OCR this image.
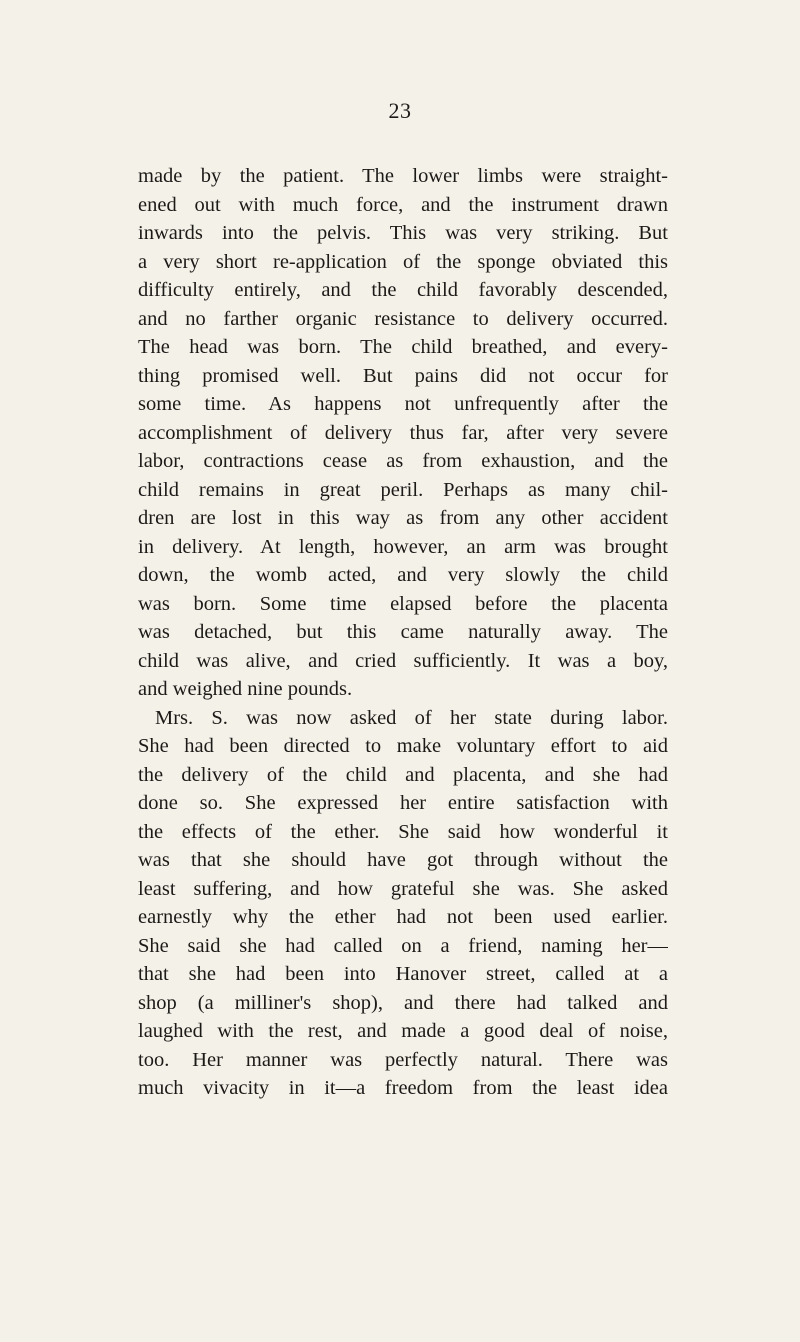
23
made by the patient. The lower limbs were straight-
ened out with much force, and the instrument drawn
inwards into the pelvis. This was very striking. But
a very short re-application of the sponge obviated this
difficulty entirely, and the child favorably descended,
and no farther organic resistance to delivery occurred.
The head was born. The child breathed, and every-
thing promised well. But pains did not occur for
some time. As happens not unfrequently after the
accomplishment of delivery thus far, after very severe
labor, contractions cease as from exhaustion, and the
child remains in great peril. Perhaps as many chil-
dren are lost in this way as from any other accident
in delivery. At length, however, an arm was brought
down, the womb acted, and very slowly the child
was born. Some time elapsed before the placenta
was detached, but this came naturally away. The
child was alive, and cried sufficiently. It was a boy,
and weighed nine pounds.
Mrs. S. was now asked of her state during labor.
She had been directed to make voluntary effort to aid
the delivery of the child and placenta, and she had
done so. She expressed her entire satisfaction with
the effects of the ether. She said how wonderful it
was that she should have got through without the
least suffering, and how grateful she was. She asked
earnestly why the ether had not been used earlier.
She said she had called on a friend, naming her—
that she had been into Hanover street, called at a
shop (a milliner's shop), and there had talked and
laughed with the rest, and made a good deal of noise,
too. Her manner was perfectly natural. There was
much vivacity in it—a freedom from the least idea
